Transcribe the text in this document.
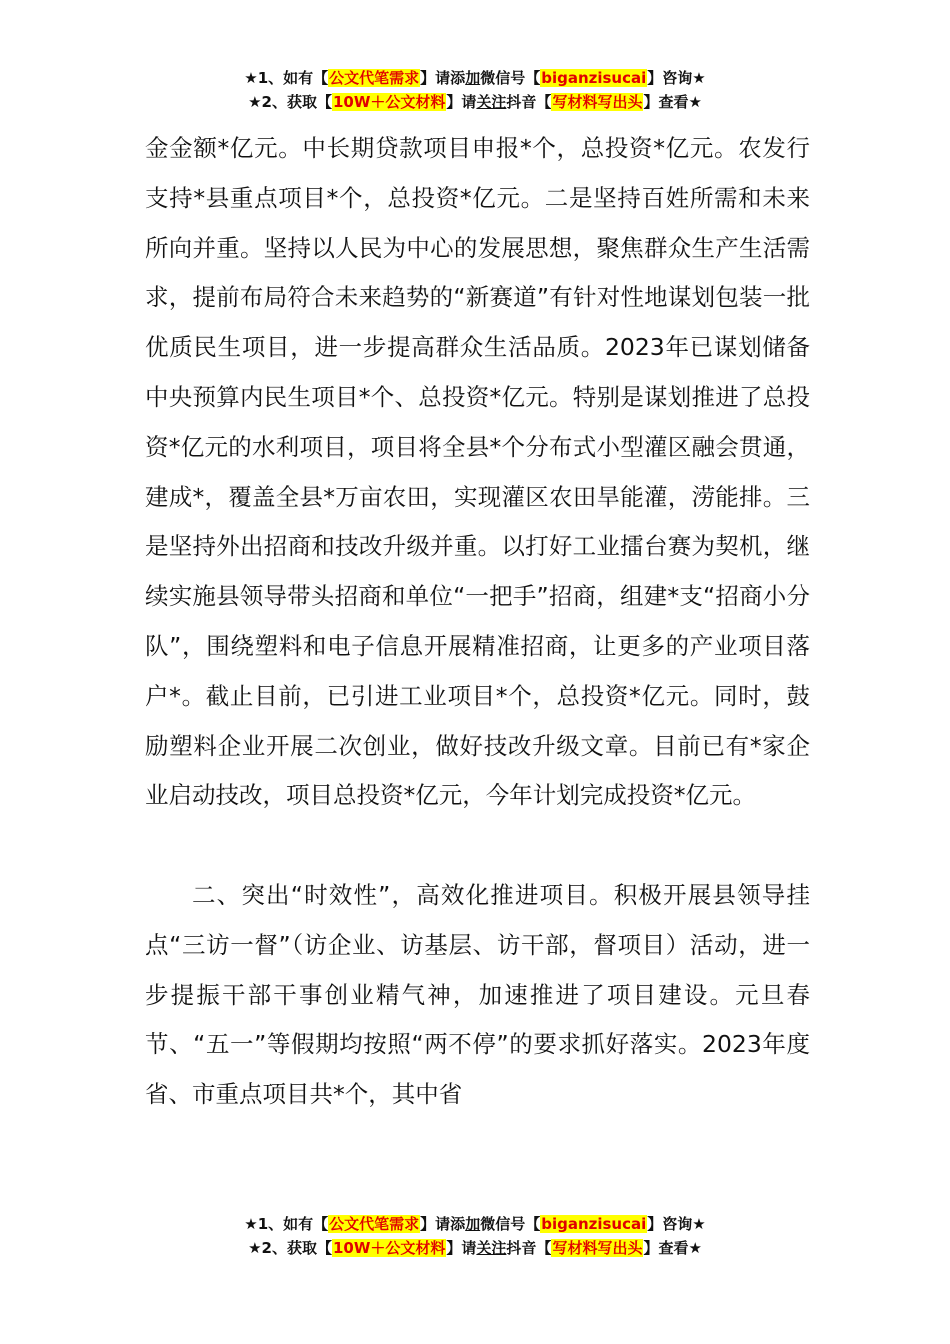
★1、如有【公文代笔需求】请添加微信号【biganzisucai】咨询★
★2、获取【10W＋公文材料】请关注抖音【写材料写出头】查看★

金金额*亿元。中长期贷款项目申报*个，总投资*亿元。农发行支持*县重点项目*个，总投资*亿元。二是坚持百姓所需和未来所向并重。坚持以人民为中心的发展思想，聚焦群众生产生活需求，提前布局符合未来趋势的“新赛道”有针对性地谋划包装一批优质民生项目，进一步提高群众生活品质。2023年已谋划储备中央预算内民生项目*个、总投资*亿元。特别是谋划推进了总投资*亿元的水利项目，项目将全县*个分布式小型灌区融会贯通，建成*，覆盖全县*万亩农田，实现灌区农田旱能灌，涝能排。三是坚持外出招商和技改升级并重。以打好工业擂台赛为契机，继续实施县领导带头招商和单位“一把手”招商，组建*支“招商小分队”，围绕塑料和电子信息开展精准招商，让更多的产业项目落户*。截止目前，已引进工业项目*个，总投资*亿元。同时，鼓励塑料企业开展二次创业，做好技改升级文章。目前已有*家企业启动技改，项目总投资*亿元，今年计划完成投资*亿元。

二、突出“时效性”，高效化推进项目。积极开展县领导挂点“三访一督”（访企业、访基层、访干部，督项目）活动，进一步提振干部干事创业精气神，加速推进了项目建设。元旦春节、“五一”等假期均按照“两不停”的要求抓好落实。2023年度省、市重点项目共*个，其中省

★1、如有【公文代笔需求】请添加微信号【biganzisucai】咨询★
★2、获取【10W＋公文材料】请关注抖音【写材料写出头】查看★
